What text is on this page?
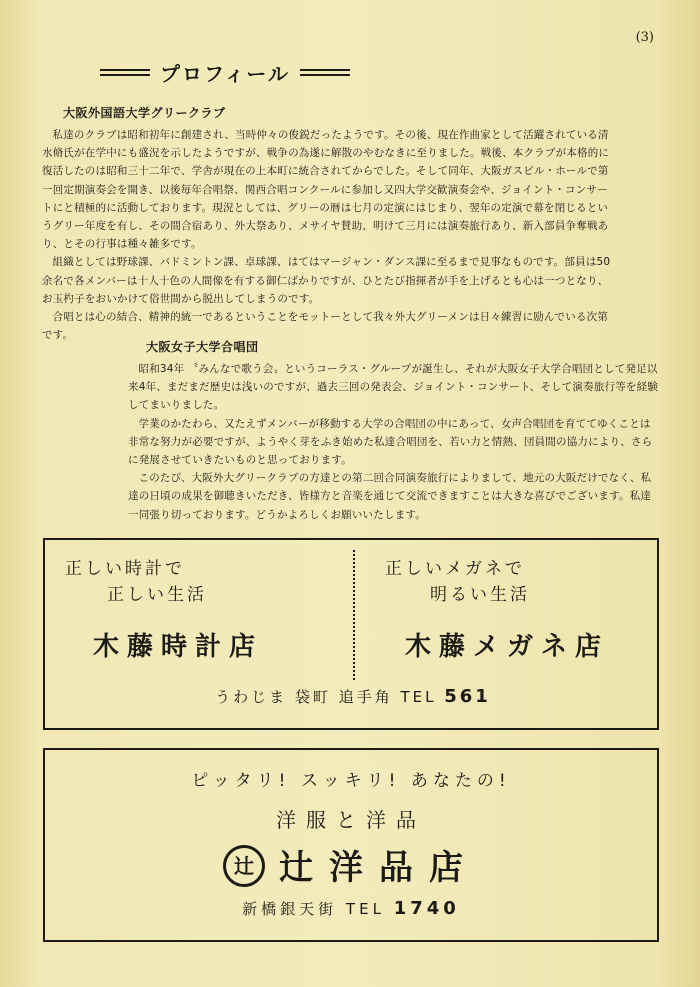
(3)
プロフィール
大阪外国語大学グリークラブ

私達のクラブは昭和初年に創建され、当時仲々の俊鋭だったようです。その後、現在作曲家として活躍されている清水脩氏が在学中にも盛況を示したようですが、戦争の為遂に解散のやむなきに至りました。戦後、本クラブが本格的に復活したのは昭和三十二年で、学舎が現在の上本町に統合されてからでした。そして同年、大阪ガスビル・ホールで第一回定期演奏会を開き、以後毎年合唱祭、関西合唱コンクールに参加し又四大学交歓演奏会や、ジョイント・コンサートにと積極的に活動しております。現況としては、グリーの暦は七月の定演にはじまり、翌年の定演で幕を閉じるというグリー年度を有し、その間合宿あり、外大祭あり、メサイヤ賛助、明けて三月には演奏旅行あり、新入部員争奪戦あり、とその行事は種々雑多です。

組織としては野球課、バドミントン課、卓球課、はてはマージャン・ダンス課に至るまで見事なものです。部員は50余名で各メンバーは十人十色の人間像を有する御仁ばかりですが、ひとたび指揮者が手を上げるとも心は一つとなり、お玉杓子をおいかけて俗世間から脱出してしまうのです。

合唱とは心の結合、精神的統一であるということをモットーとして我々外大グリーメンは日々練習に励んでいる次第です。

大阪女子大学合唱団

昭和34年 〝みんなで歌う会〟というコーラス・グループが誕生し、それが大阪女子大学合唱団として発足以来4年、まだまだ歴史は浅いのですが、過去三回の発表会、ジョイント・コンサート、そして演奏旅行等を経験してまいりました。

学業のかたわら、又たえずメンバーが移動する大学の合唱団の中にあって、女声合唱団を育ててゆくことは非常な努力が必要ですが、ようやく芽をふき始めた私達合唱団を、若い力と情熱、団員間の協力により、さらに発展させていきたいものと思っております。

このたび、大阪外大グリークラブの方達との第二回合同演奏旅行によりまして、地元の大阪だけでなく、私達の日頃の成果を御聴きいただき、皆様方と音楽を通じて交流できますことは大きな喜びでございます。私達一同張り切っております。どうかよろしくお願いいたします。

正しい時計で
正しい生活
木藤時計店
正しいメガネで
明るい生活
木藤メガネ店
うわじま 袋町 追手角 TEL 561
ピッタリ! スッキリ! あなたの!
洋服と洋品
辻 辻洋品店
新橋銀天街 TEL 1740
